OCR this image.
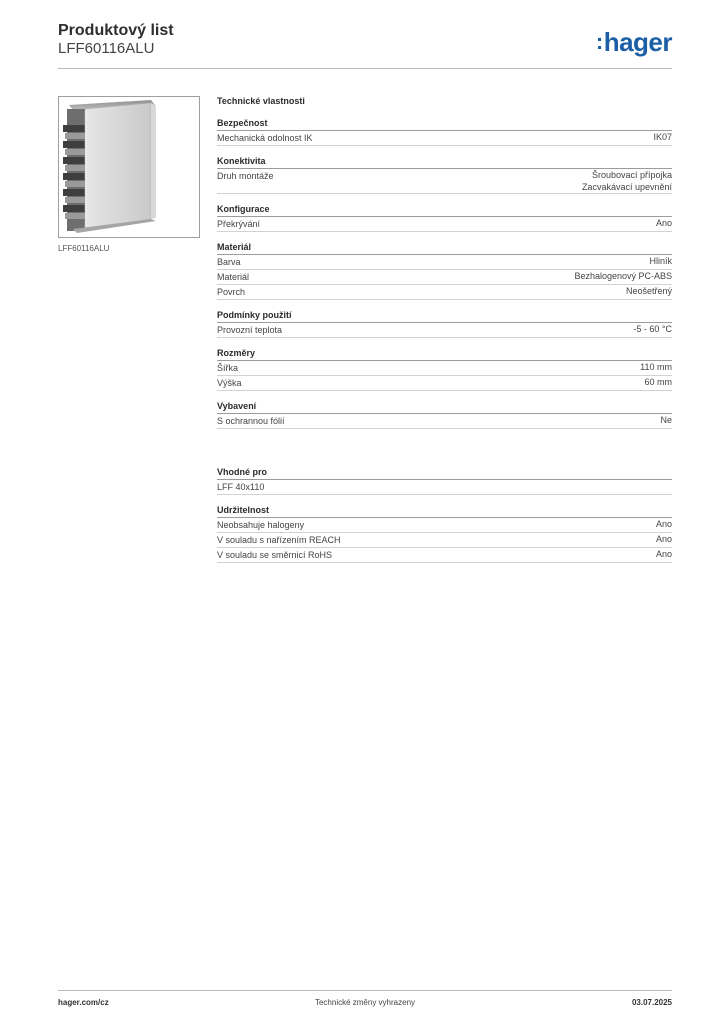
Produktový list
LFF60116ALU	:hager
LFF60116ALU
Technické vlastnosti
Bezpečnost
Mechanická odolnost IK	IK07
Konektivita
Druh montáže	Šroubovací přípojka
Zacvakávací upevnění
Konfigurace
Překrývání	Ano
Materiál
Barva	Hliník
Materiál	Bezhalogenový PC-ABS
Povrch	Neošetřený
Podmínky použití
Provozní teplota	-5 - 60 °C
Rozměry
Šířka	110 mm
Výška	60 mm
Vybavení
S ochrannou fólií	Ne
Vhodné pro
LFF 40x110
Udržitelnost
Neobsahuje halogeny	Ano
V souladu s nařízením REACH	Ano
V souladu se směrnicí RoHS	Ano
hager.com/cz	Technické změny vyhrazeny	03.07.2025
